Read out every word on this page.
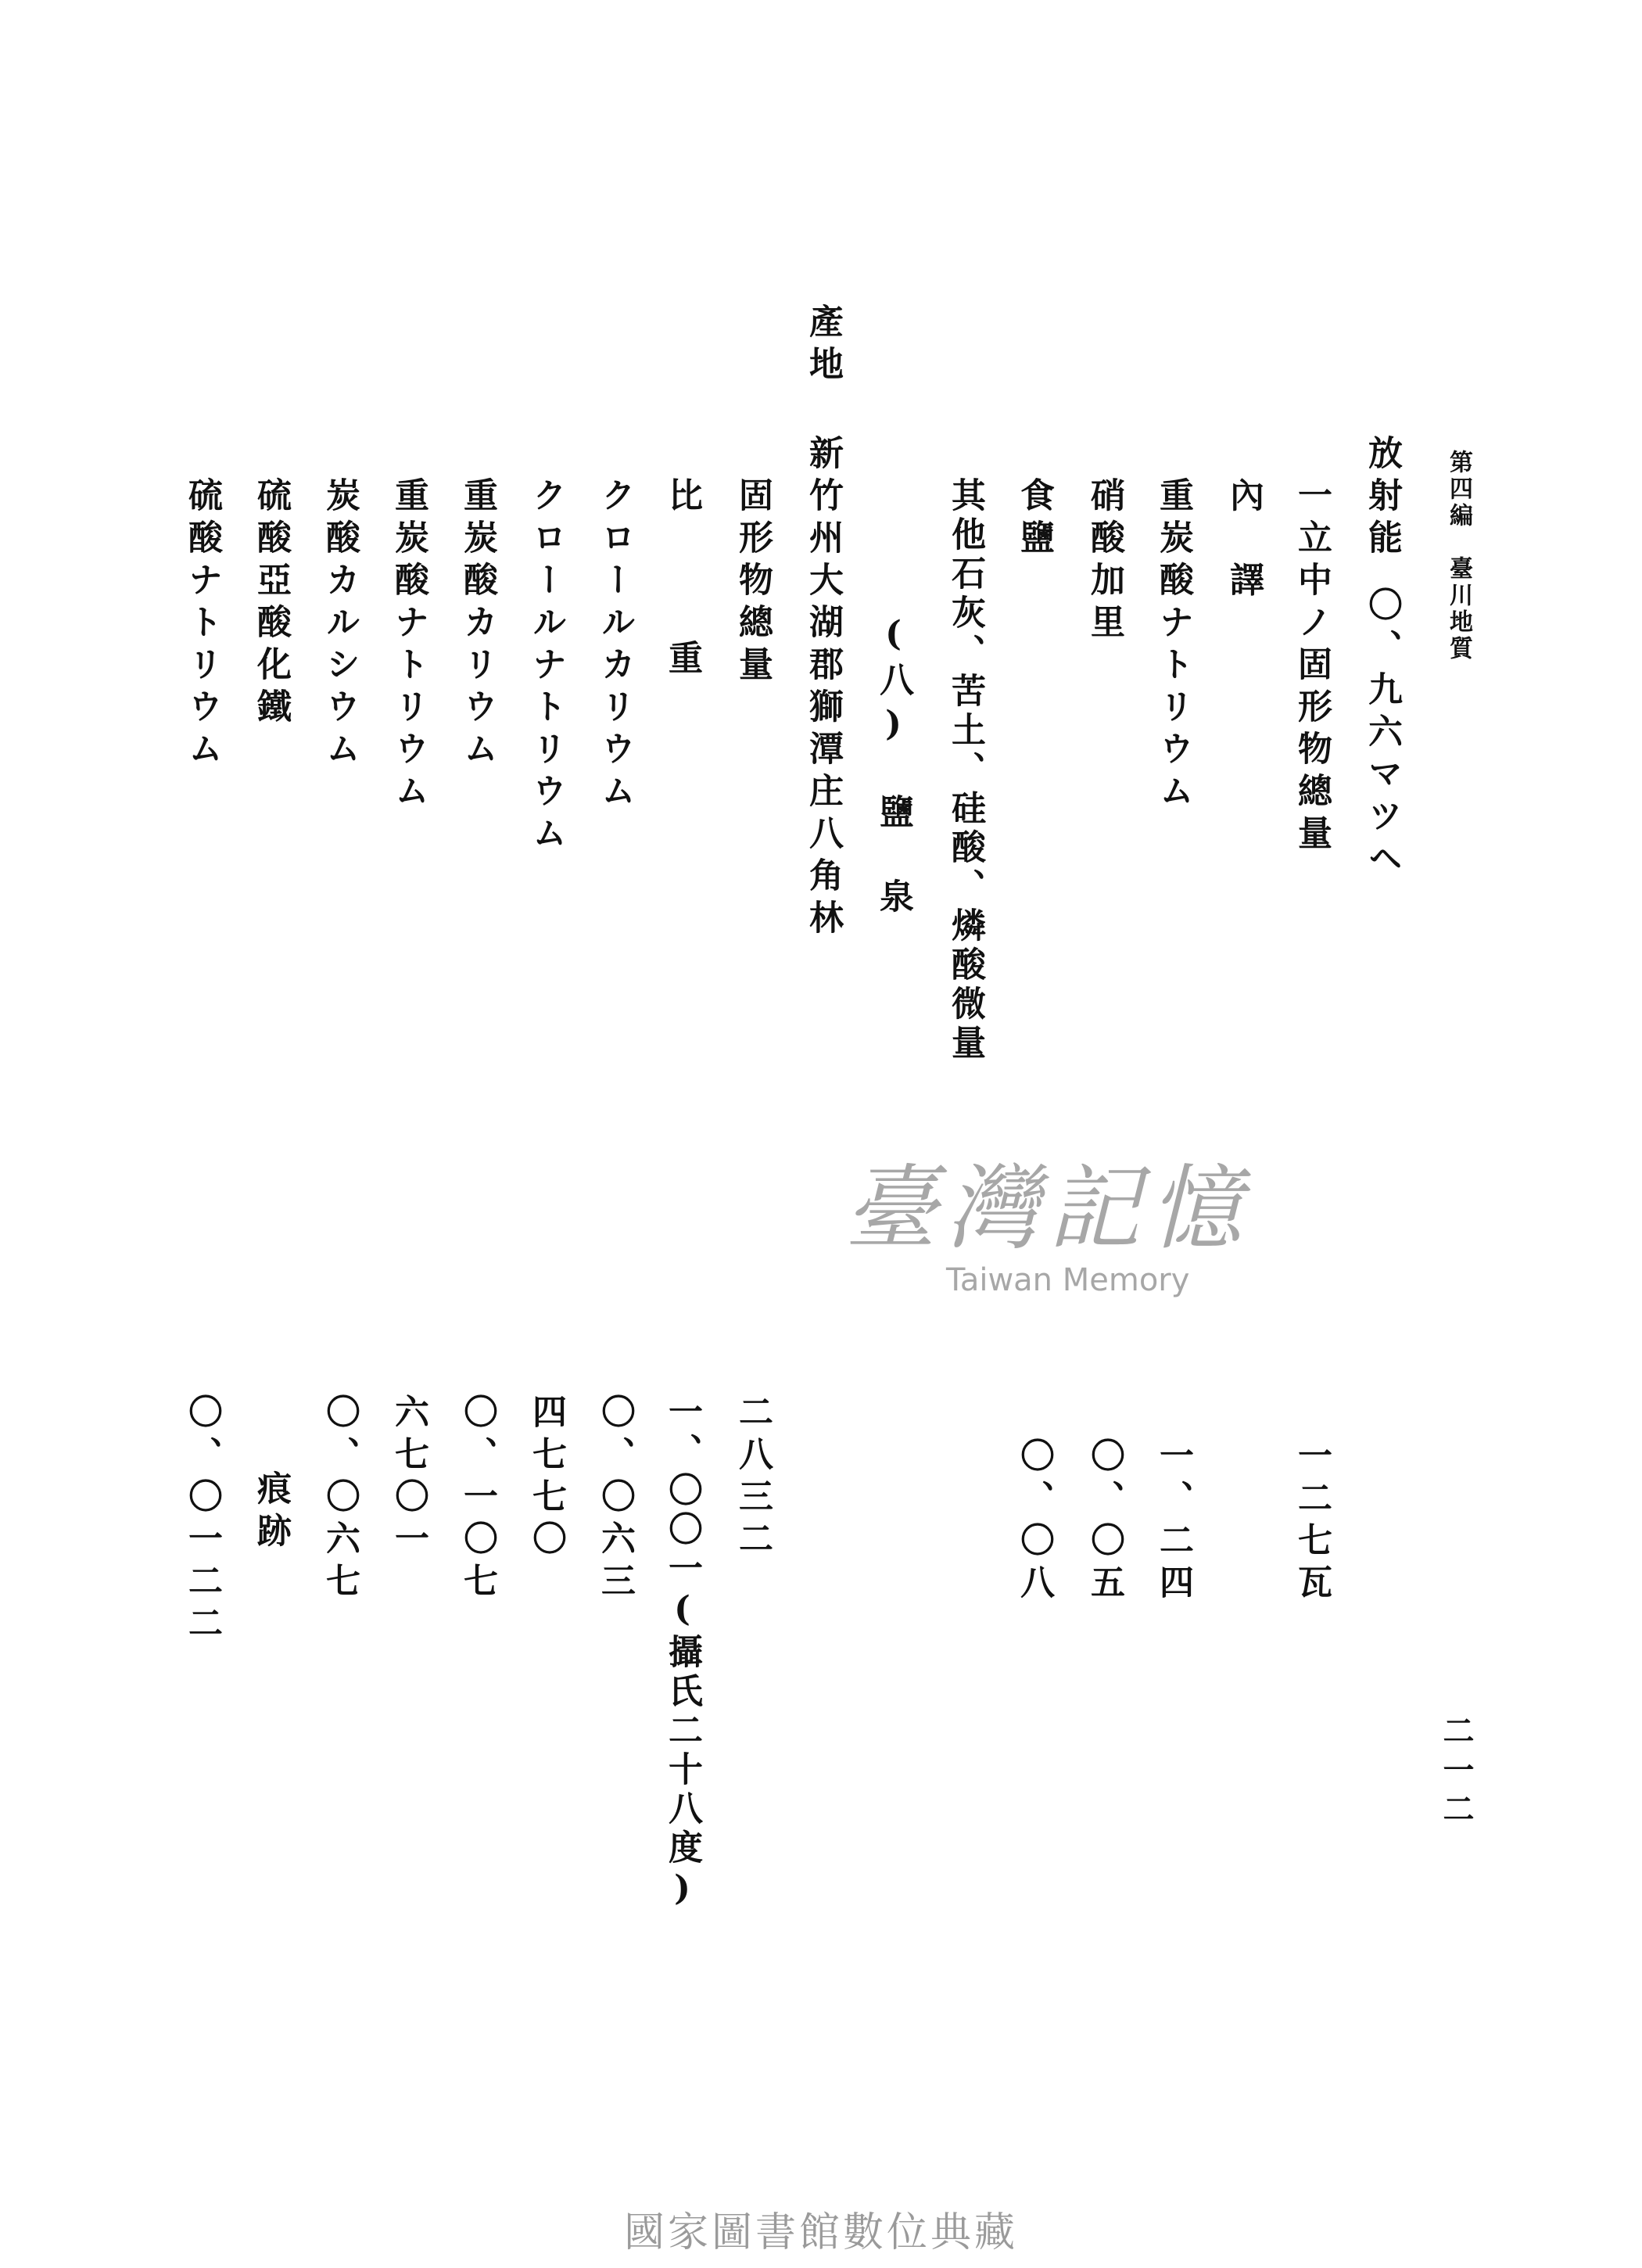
第四編　臺川地質
二一二
放射能
〇、九六マツヘ
一立中ノ固形物總量
一二七瓦
內　譯
重炭酸ナトリウム
一、二四
硝酸加里
〇、〇五
食鹽
〇、〇八
其他石灰、苦土、硅酸、燐酸微量
(八)　鹽　泉
產地
新竹州大湖郡獅潭庄八角林
固形物總量
二八三二
比　重
一、〇〇一(攝氏二十八度)
クロールカリウム
〇、〇六三
クロールナトリウム
四七七〇
重炭酸カリウム
〇、一〇七
重炭酸ナトリウム
六七〇一
炭酸カルシウム
〇、〇六七
硫酸亞酸化鐵
痕跡
硫酸ナトリウム
〇、〇一二二
臺灣記憶
Taiwan Memory
國家圖書館數位典藏
